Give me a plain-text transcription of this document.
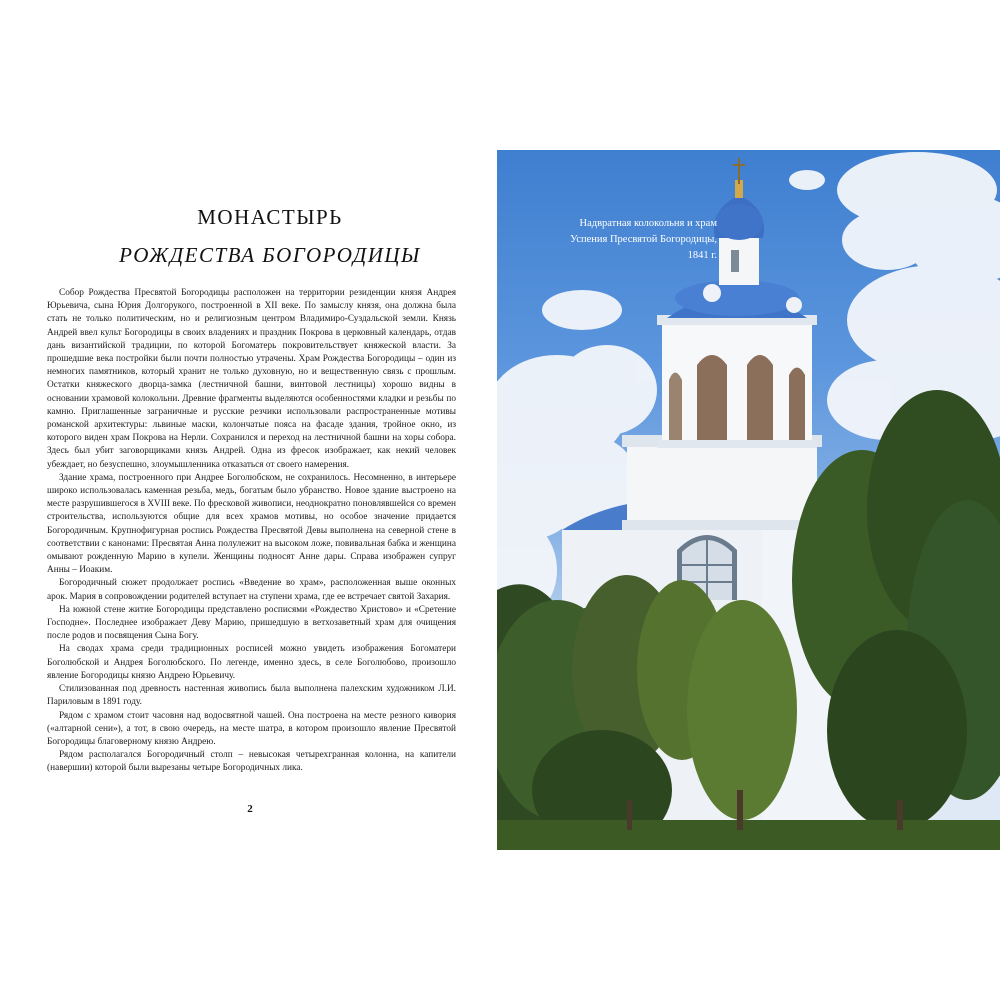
МОНАСТЫРЬ
РОЖДЕСТВА БОГОРОДИЦЫ

Собор Рождества Пресвятой Богородицы расположен на территории резиденции князя Андрея Юрьевича, сына Юрия Долгорукого, построенной в XII веке. По замыслу князя, она должна была стать не только политическим, но и религиозным центром Владимиро-Суздальской земли. Князь Андрей ввел культ Богородицы в своих владениях и праздник Покрова в церковный календарь, отдав дань византийской традиции, по которой Богоматерь покровительствует княжеской власти. За прошедшие века постройки были почти полностью утрачены. Храм Рождества Богородицы – один из немногих памятников, который хранит не только духовную, но и вещественную связь с прошлым. Остатки княжеского дворца-замка (лестничной башни, винтовой лестницы) хорошо видны в основании храмовой колокольни. Древние фрагменты выделяются особенностями кладки и резьбы по камню. Приглашенные заграничные и русские резчики использовали распространенные мотивы романской архитектуры: львиные маски, колончатые пояса на фасаде здания, тройное окно, из которого виден храм Покрова на Нерли. Сохранился и переход на лестничной башни на хоры собора. Здесь был убит заговорщиками князь Андрей. Одна из фресок изображает, как некий человек убеждает, но безуспешно, злоумышленника отказаться от своего намерения.

Здание храма, построенного при Андрее Боголюбском, не сохранилось. Несомненно, в интерьере широко использовалась каменная резьба, медь, богатым было убранство. Новое здание выстроено на месте разрушившегося в XVIII веке. По фресковой живописи, неоднократно поновлявшейся со времен строительства, используются общие для всех храмов мотивы, но особое значение придается Богородичным. Крупнофигурная роспись Рождества Пресвятой Девы выполнена на северной стене в соответствии с канонами: Пресвятая Анна полулежит на высоком ложе, повивальная бабка и женщина омывают рожденную Марию в купели. Женщины подносят Анне дары. Справа изображен супруг Анны – Иоаким.

Богородичный сюжет продолжает роспись «Введение во храм», расположенная выше оконных арок. Мария в сопровождении родителей вступает на ступени храма, где ее встречает святой Захария.

На южной стене житие Богородицы представлено росписями «Рождество Христово» и «Сретение Господне». Последнее изображает Деву Марию, пришедшую в ветхозаветный храм для очищения после родов и посвящения Сына Богу.

На сводах храма среди традиционных росписей можно увидеть изображения Богоматери Боголюбской и Андрея Боголюбского. По легенде, именно здесь, в селе Боголюбово, произошло явление Богородицы князю Андрею Юрьевичу.

Стилизованная под древность настенная живопись была выполнена палехским художником Л.И. Париловым в 1891 году.

Рядом с храмом стоит часовня над водосвятной чашей. Она построена на месте резного кивория («алтарной сени»), а тот, в свою очередь, на месте шатра, в котором произошло явление Пресвятой Богородицы благоверному князю Андрею.

Рядом располагался Богородичный столп – невысокая четырехгранная колонна, на капители (навершии) которой были вырезаны четыре Богородичных лика.

2
Надвратная колокольня и храм
Успения Пресвятой Богородицы,
1841 г.
